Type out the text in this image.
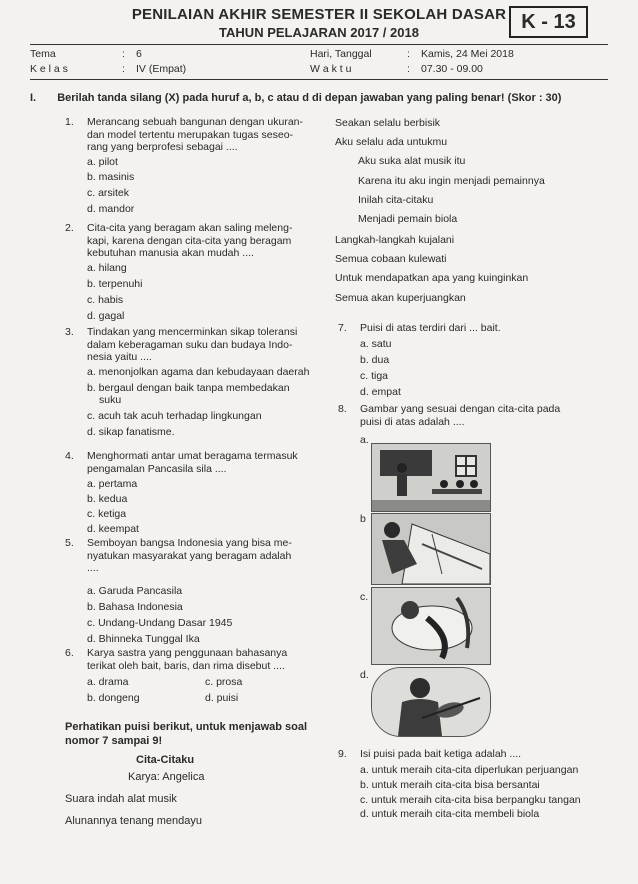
PENILAIAN AKHIR SEMESTER II SEKOLAH DASAR
TAHUN PELAJARAN 2017 / 2018	K - 13
Tema	: 6	Hari, Tanggal	: Kamis, 24 Mei 2018
K e l a s	: IV (Empat)	W a k t u	: 07.30 - 09.00
I. Berilah tanda silang (X) pada huruf a, b, c atau d di depan jawaban yang paling benar! (Skor : 30)
1. Merancang sebuah bangunan dengan ukuran-
dan model tertentu merupakan tugas seseo-
rang yang berprofesi sebagai ....
a. pilot
b. masinis
c. arsitek
d. mandor
2. Cita-cita yang beragam akan saling meleng-
kapi, karena dengan cita-cita yang beragam
kebutuhan manusia akan mudah ....
a. hilang
b. terpenuhi
c. habis
d. gagal
3. Tindakan yang mencerminkan sikap toleransi
dalam keberagaman suku dan budaya Indo-
nesia yaitu ....
a. menonjolkan agama dan kebudayaan daerah
b. bergaul dengan baik tanpa membedakan
suku
c. acuh tak acuh terhadap lingkungan
d. sikap fanatisme.
4. Menghormati antar umat beragama termasuk
pengamalan Pancasila sila ....
a. pertama
b. kedua
c. ketiga
d. keempat
5. Semboyan bangsa Indonesia yang bisa me-
nyatukan masyarakat yang beragam adalah
....
a. Garuda Pancasila
b. Bahasa Indonesia
c. Undang-Undang Dasar 1945
d. Bhinneka Tunggal Ika
6. Karya sastra yang penggunaan bahasanya
terikat oleh bait, baris, dan rima disebut ....
a. drama
b. dongeng
c. prosa
d. puisi
Perhatikan puisi berikut, untuk menjawab soal
nomor 7 sampai 9!
Cita-Citaku
Karya: Angelica
Suara indah alat musik
Alunannya tenang mendayu
Seakan selalu berbisik
Aku selalu ada untukmu
Aku suka alat musik itu
Karena itu aku ingin menjadi pemainnya
Inilah cita-citaku
Menjadi pemain biola
Langkah-langkah kujalani
Semua cobaan kulewati
Untuk mendapatkan apa yang kuinginkan
Semua akan kuperjuangkan
7. Puisi di atas terdiri dari ... bait.
a. satu
b. dua
c. tiga
d. empat
8. Gambar yang sesuai dengan cita-cita pada
puisi di atas adalah ....
a.
b
c.
d.
9. Isi puisi pada bait ketiga adalah ....
a. untuk meraih cita-cita diperlukan perjuangan
b. untuk meraih cita-cita bisa bersantai
c. untuk meraih cita-cita bisa berpangku tangan
d. untuk meraih cita-cita membeli biola
